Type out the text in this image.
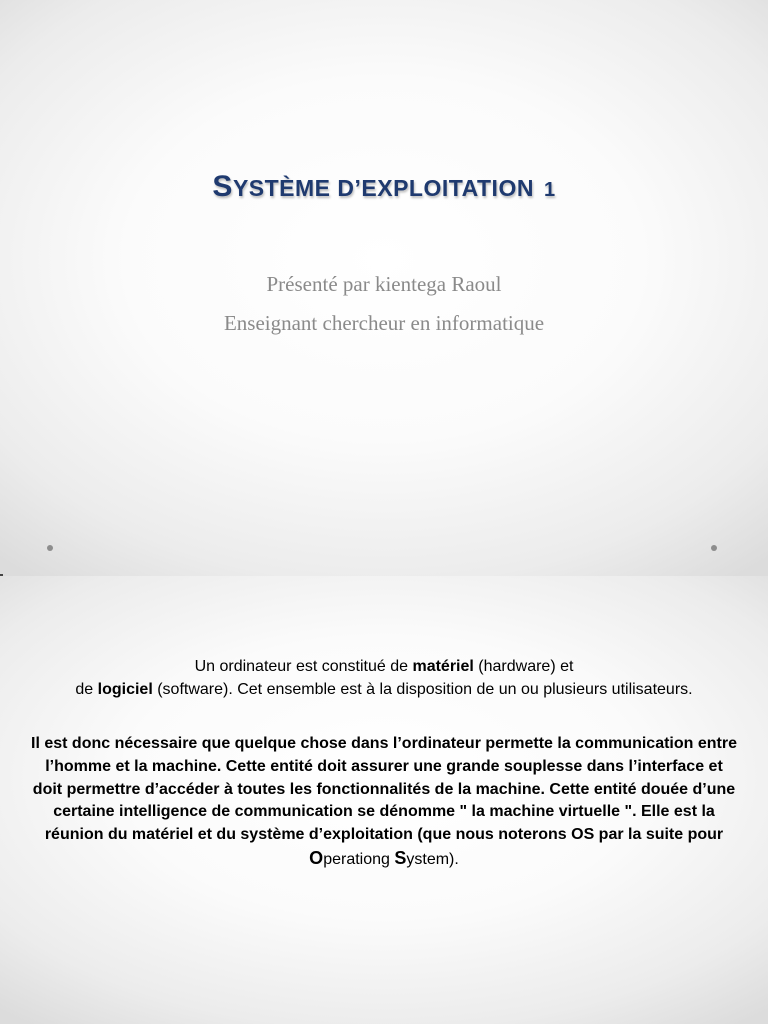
SYSTÈME D’EXPLOITATION 1
Présenté par kientega Raoul
Enseignant chercheur en informatique
Un ordinateur est constitué de matériel (hardware) et
de logiciel (software). Cet ensemble est à la disposition de un ou plusieurs utilisateurs.
Il est donc nécessaire que quelque chose dans l’ordinateur permette la communication entre l’homme et la machine. Cette entité doit assurer une grande souplesse dans l’interface et doit permettre d’accéder à toutes les fonctionnalités de la machine. Cette entité douée d’une certaine intelligence de communication se dénomme " la machine virtuelle ". Elle est la réunion du matériel et du système d’exploitation (que nous noterons OS par la suite pour Operationg System).
